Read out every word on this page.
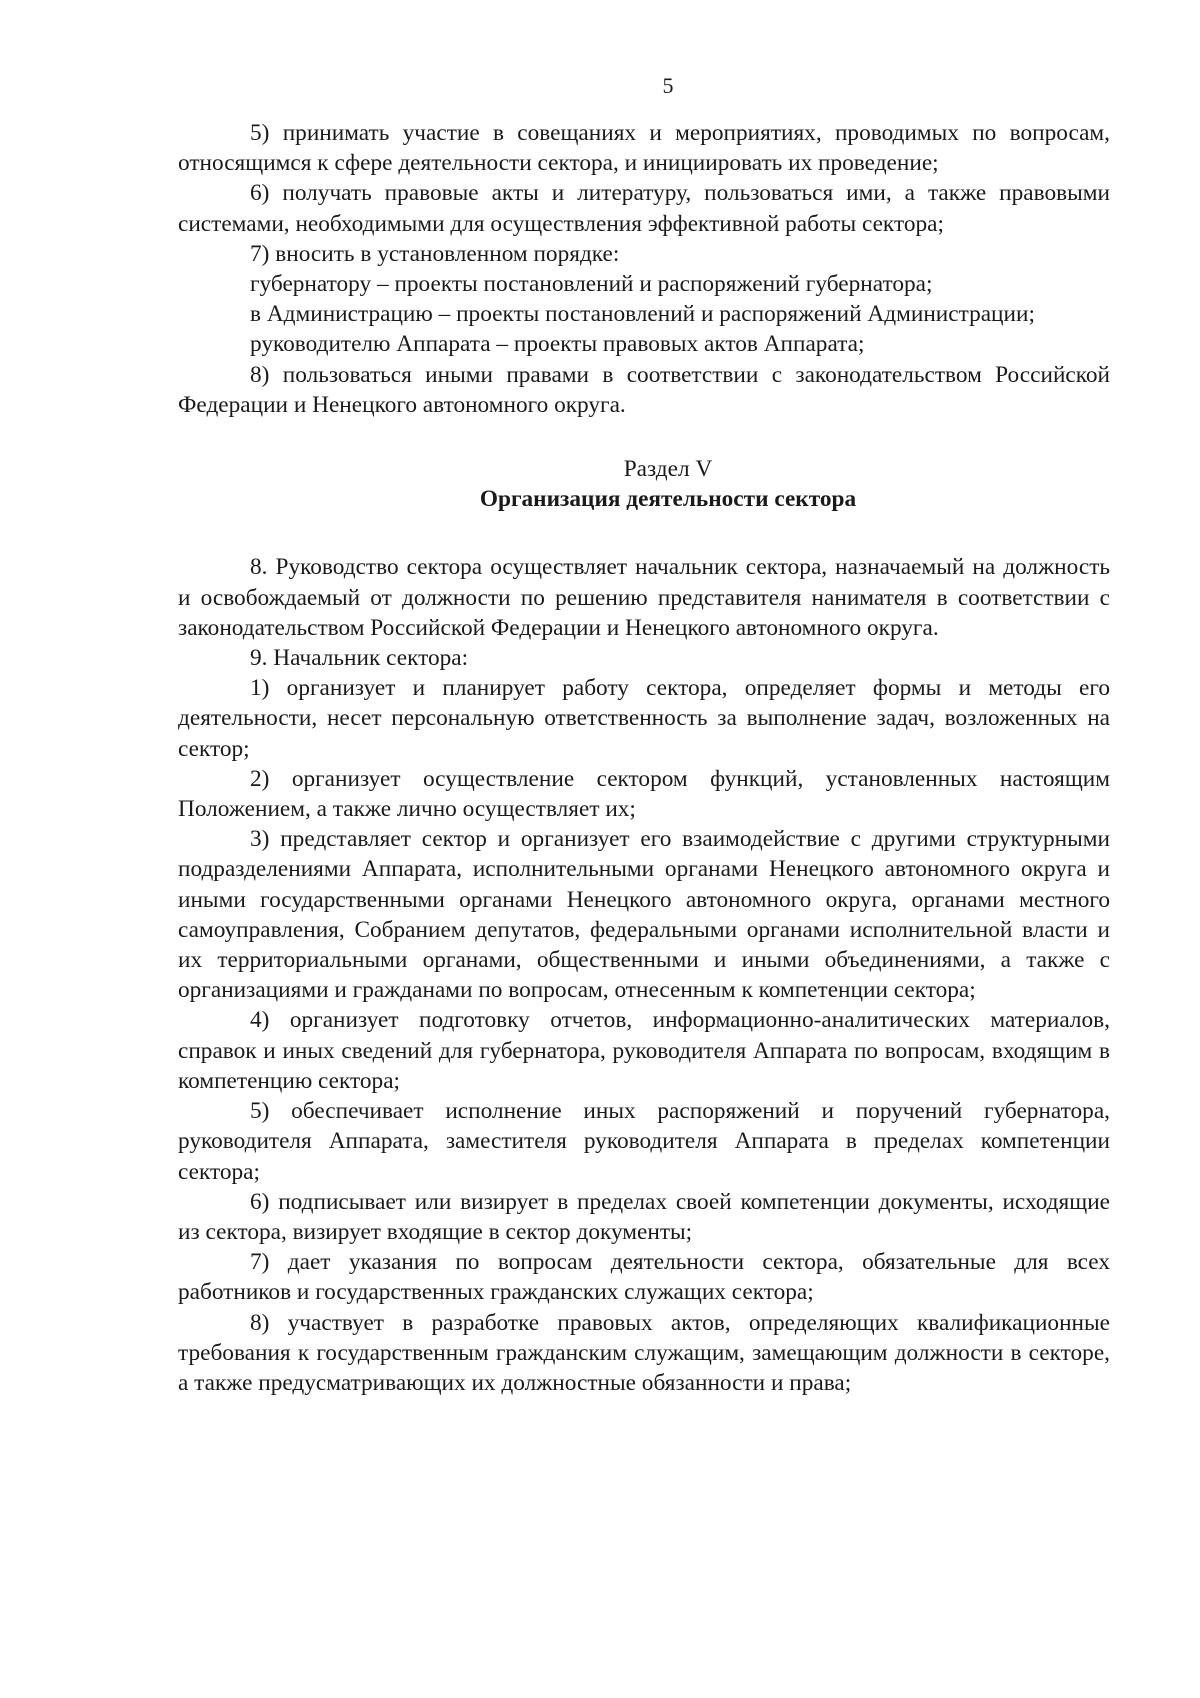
5

5) принимать участие в совещаниях и мероприятиях, проводимых по вопросам, относящимся к сфере деятельности сектора, и инициировать их проведение;

6) получать правовые акты и литературу, пользоваться ими, а также правовыми системами, необходимыми для осуществления эффективной работы сектора;

7) вносить в установленном порядке:

губернатору – проекты постановлений и распоряжений губернатора;

в Администрацию – проекты постановлений и распоряжений Администрации;

руководителю Аппарата – проекты правовых актов Аппарата;

8) пользоваться иными правами в соответствии с законодательством Российской Федерации и Ненецкого автономного округа.

Раздел V
Организация деятельности сектора

8. Руководство сектора осуществляет начальник сектора, назначаемый на должность и освобождаемый от должности по решению представителя нанимателя в соответствии с законодательством Российской Федерации и Ненецкого автономного округа.

9. Начальник сектора:

1) организует и планирует работу сектора, определяет формы и методы его деятельности, несет персональную ответственность за выполнение задач, возложенных на сектор;

2) организует осуществление сектором функций, установленных настоящим Положением, а также лично осуществляет их;

3) представляет сектор и организует его взаимодействие с другими структурными подразделениями Аппарата, исполнительными органами Ненецкого автономного округа и иными государственными органами Ненецкого автономного округа, органами местного самоуправления, Собранием депутатов, федеральными органами исполнительной власти и их территориальными органами, общественными и иными объединениями, а также с организациями и гражданами по вопросам, отнесенным к компетенции сектора;

4) организует подготовку отчетов, информационно-аналитических материалов, справок и иных сведений для губернатора, руководителя Аппарата по вопросам, входящим в компетенцию сектора;

5) обеспечивает исполнение иных распоряжений и поручений губернатора, руководителя Аппарата, заместителя руководителя Аппарата в пределах компетенции сектора;

6) подписывает или визирует в пределах своей компетенции документы, исходящие из сектора, визирует входящие в сектор документы;

7) дает указания по вопросам деятельности сектора, обязательные для всех работников и государственных гражданских служащих сектора;

8) участвует в разработке правовых актов, определяющих квалификационные требования к государственным гражданским служащим, замещающим должности в секторе, а также предусматривающих их должностные обязанности и права;
